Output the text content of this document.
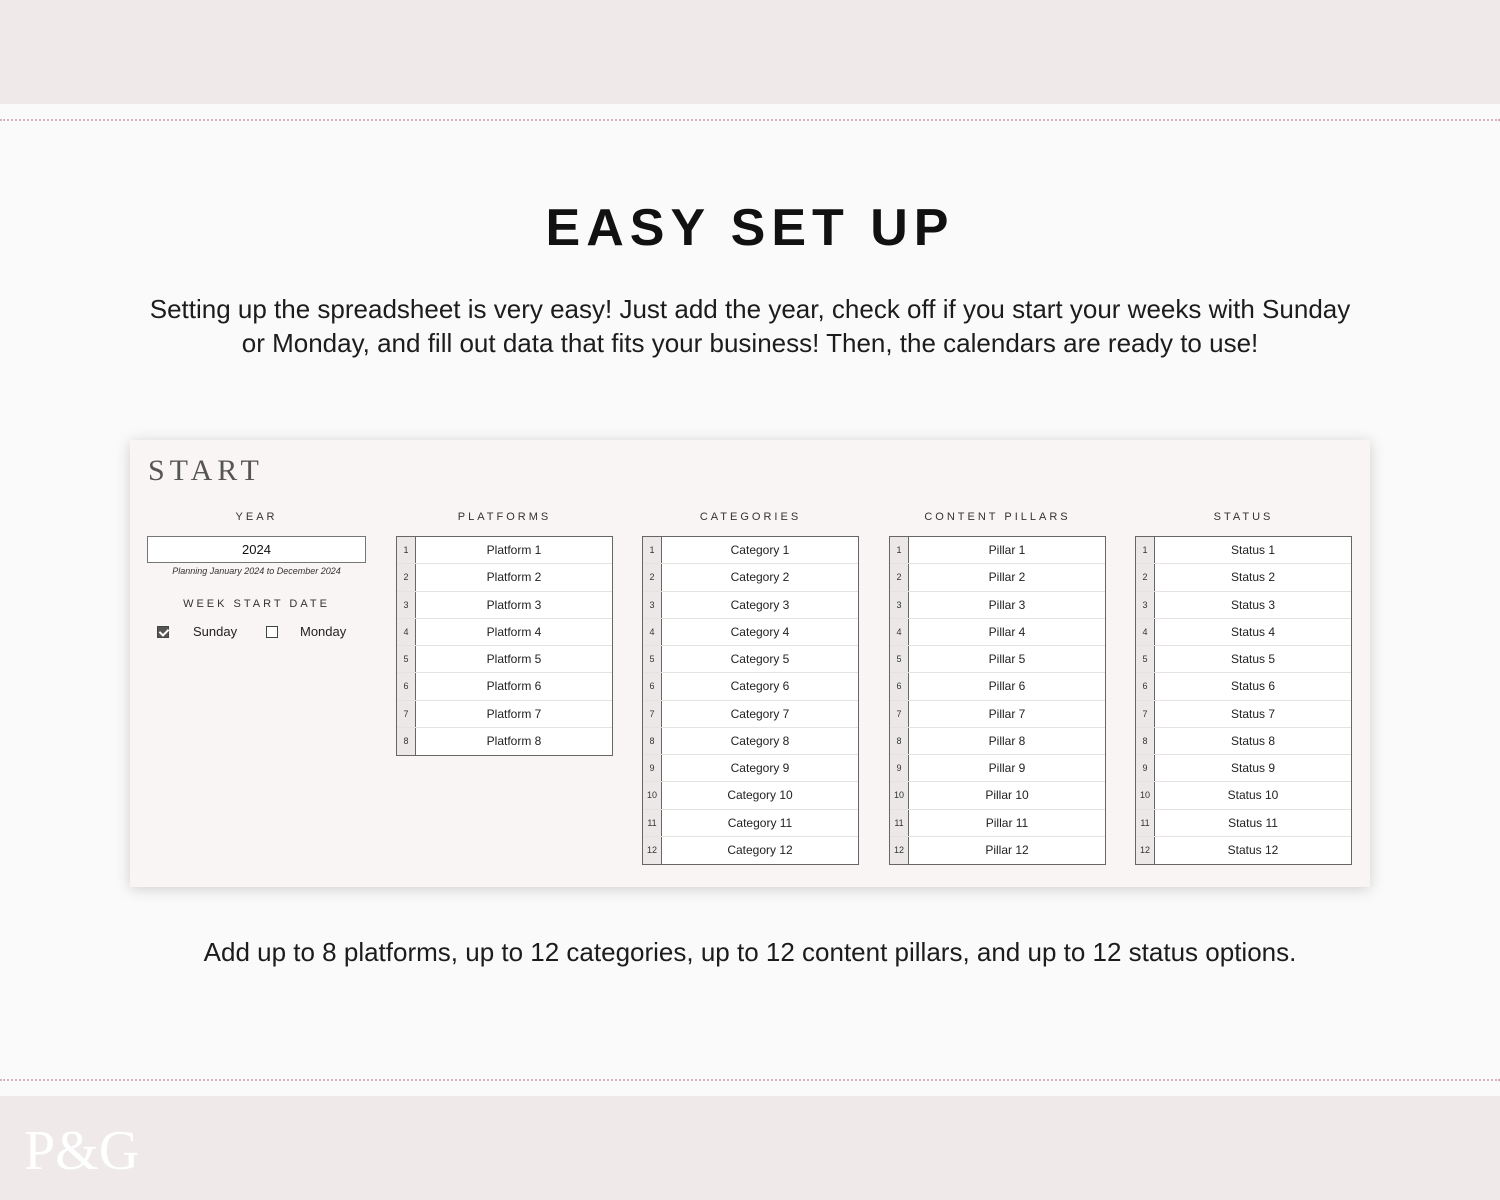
EASY SET UP

Setting up the spreadsheet is very easy! Just add the year, check off if you start your weeks with Sunday or Monday, and fill out data that fits your business! Then, the calendars are ready to use!

START
YEAR
2024
Planning January 2024 to December 2024
WEEK START DATE
Sunday	Monday
PLATFORMS
1	Platform 1
2	Platform 2
3	Platform 3
4	Platform 4
5	Platform 5
6	Platform 6
7	Platform 7
8	Platform 8
CATEGORIES
1	Category 1
2	Category 2
3	Category 3
4	Category 4
5	Category 5
6	Category 6
7	Category 7
8	Category 8
9	Category 9
10	Category 10
11	Category 11
12	Category 12
CONTENT PILLARS
1	Pillar 1
2	Pillar 2
3	Pillar 3
4	Pillar 4
5	Pillar 5
6	Pillar 6
7	Pillar 7
8	Pillar 8
9	Pillar 9
10	Pillar 10
11	Pillar 11
12	Pillar 12
STATUS
1	Status 1
2	Status 2
3	Status 3
4	Status 4
5	Status 5
6	Status 6
7	Status 7
8	Status 8
9	Status 9
10	Status 10
11	Status 11
12	Status 12

Add up to 8 platforms, up to 12 categories, up to 12 content pillars, and up to 12 status options.

P&G
